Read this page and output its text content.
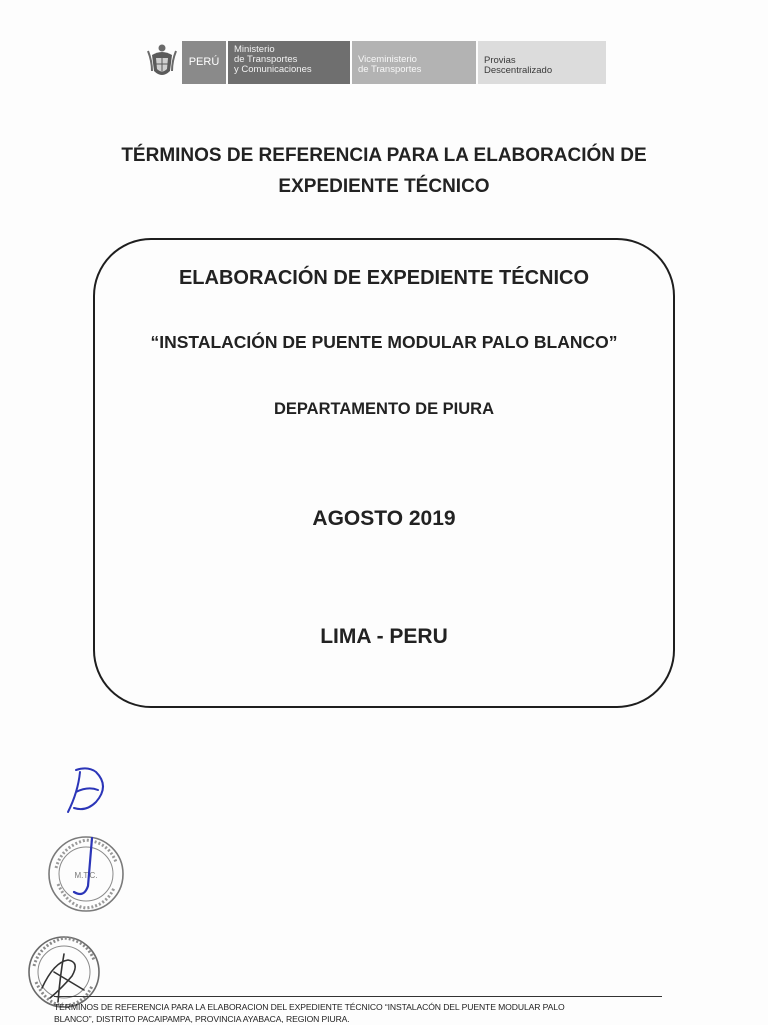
PERÚ
Ministerio
de Transportes
y Comunicaciones
Viceministerio
de Transportes
Provias
Descentralizado
TÉRMINOS DE REFERENCIA PARA LA ELABORACIÓN DE
EXPEDIENTE TÉCNICO
ELABORACIÓN DE EXPEDIENTE TÉCNICO
“INSTALACIÓN DE PUENTE MODULAR PALO BLANCO”
DEPARTAMENTO DE PIURA
AGOSTO 2019
LIMA - PERU
M.T.C.
TÉRMINOS DE REFERENCIA PARA LA ELABORACION DEL EXPEDIENTE TÉCNICO “INSTALACÓN DEL PUENTE MODULAR PALO
BLANCO”, DISTRITO PACAIPAMPA, PROVINCIA AYABACA, REGION PIURA.
